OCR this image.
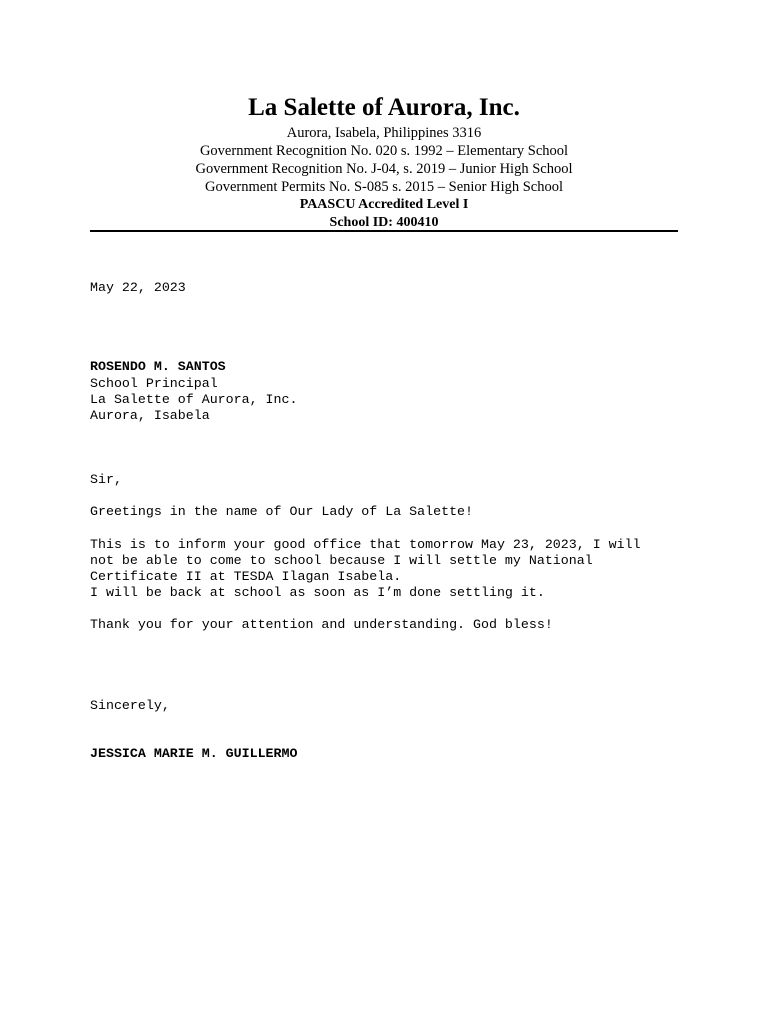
La Salette of Aurora, Inc.
Aurora, Isabela, Philippines 3316
Government Recognition No. 020 s. 1992 – Elementary School
Government Recognition No. J-04, s. 2019 – Junior High School
Government Permits No. S-085 s. 2015 – Senior High School
PAASCU Accredited Level I
School ID: 400410
May 22, 2023
ROSENDO M. SANTOS
School Principal
La Salette of Aurora, Inc.
Aurora, Isabela
Sir,
Greetings in the name of Our Lady of La Salette!
This is to inform your good office that tomorrow May 23, 2023, I will
not be able to come to school because I will settle my National
Certificate II at TESDA Ilagan Isabela.
I will be back at school as soon as I’m done settling it.
Thank you for your attention and understanding. God bless!
Sincerely,
JESSICA MARIE M. GUILLERMO
